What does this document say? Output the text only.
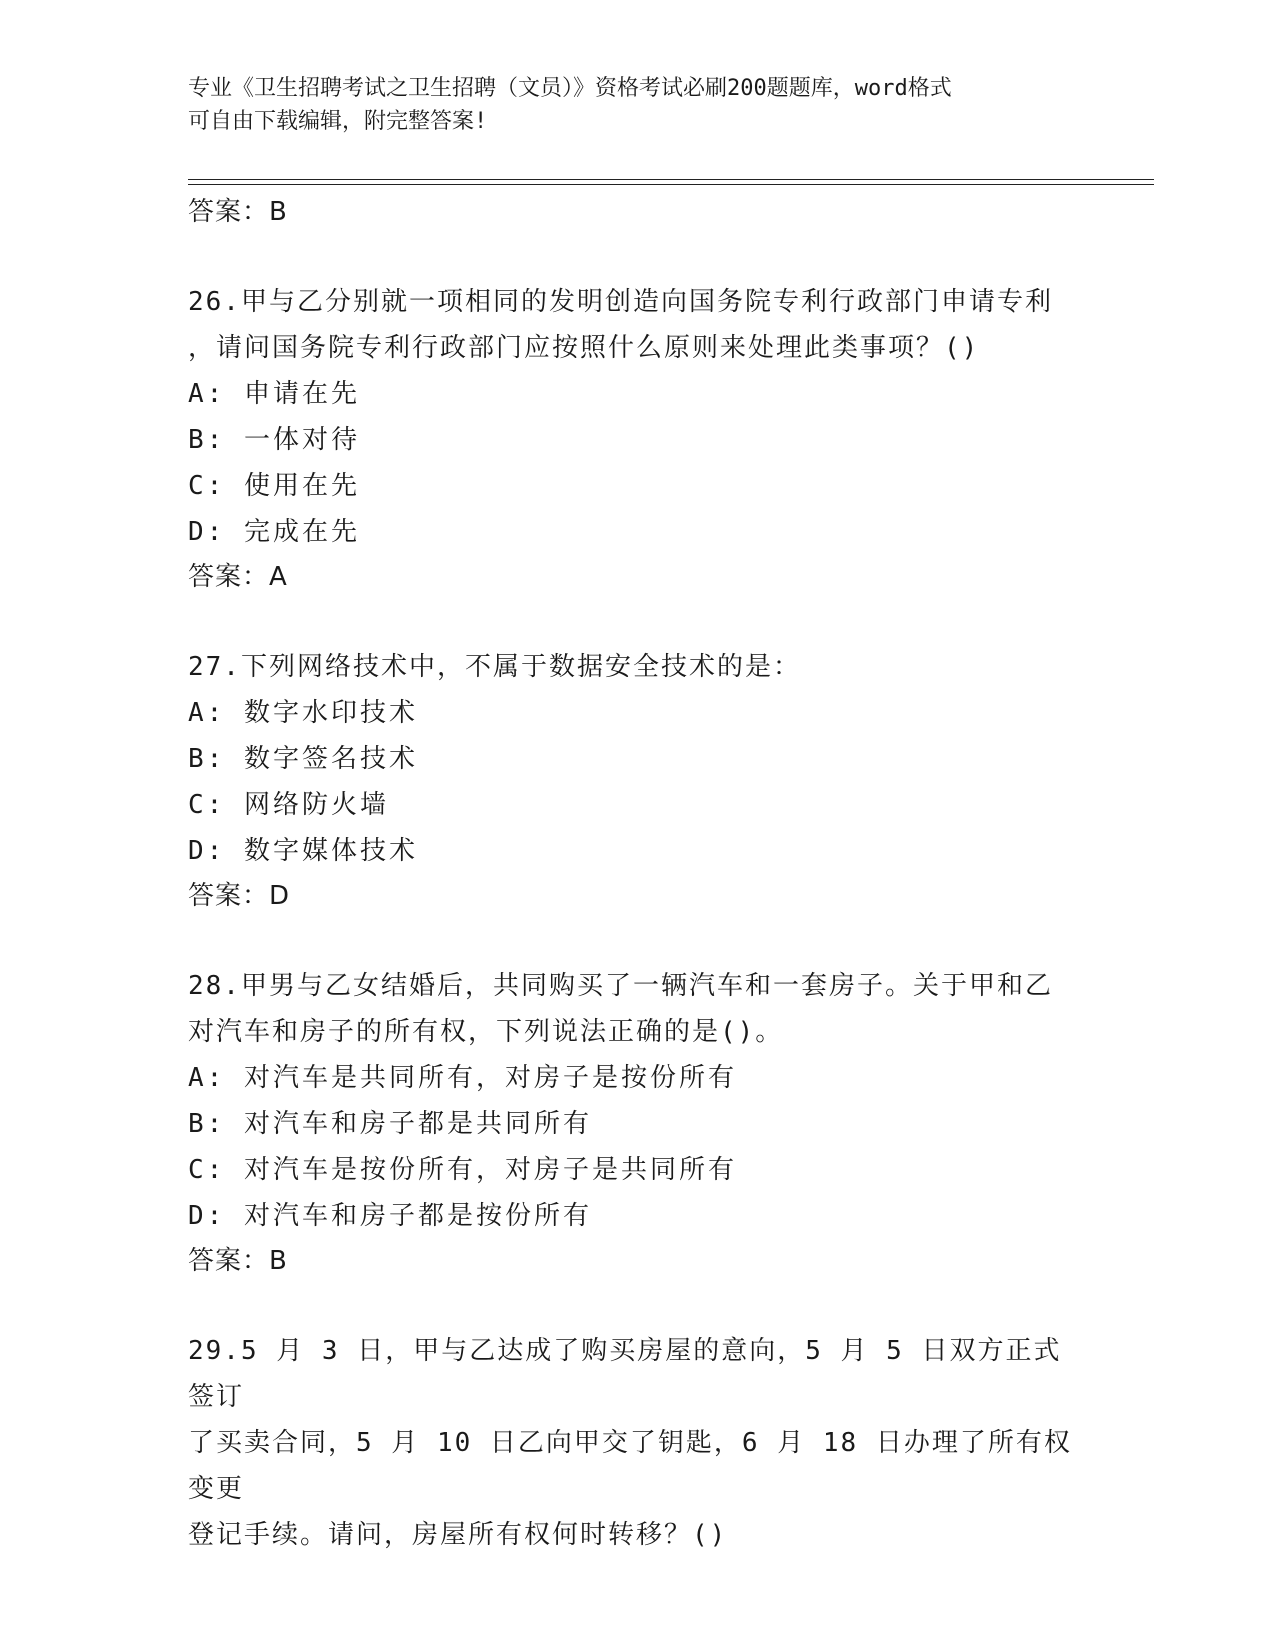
专业《卫生招聘考试之卫生招聘（文员）》资格考试必刷200题题库，word格式
可自由下载编辑，附完整答案!
答案：B
26.甲与乙分别就一项相同的发明创造向国务院专利行政部门申请专利
，请问国务院专利行政部门应按照什么原则来处理此类事项？()
A: 申请在先
B: 一体对待
C: 使用在先
D: 完成在先
答案：A
27.下列网络技术中，不属于数据安全技术的是：
A: 数字水印技术
B: 数字签名技术
C: 网络防火墙
D: 数字媒体技术
答案：D
28.甲男与乙女结婚后，共同购买了一辆汽车和一套房子。关于甲和乙
对汽车和房子的所有权，下列说法正确的是()。
A: 对汽车是共同所有，对房子是按份所有
B: 对汽车和房子都是共同所有
C: 对汽车是按份所有，对房子是共同所有
D: 对汽车和房子都是按份所有
答案：B
29.5 月 3 日，甲与乙达成了购买房屋的意向，5 月 5 日双方正式签订
了买卖合同，5 月 10 日乙向甲交了钥匙，6 月 18 日办理了所有权变更
登记手续。请问，房屋所有权何时转移？()
